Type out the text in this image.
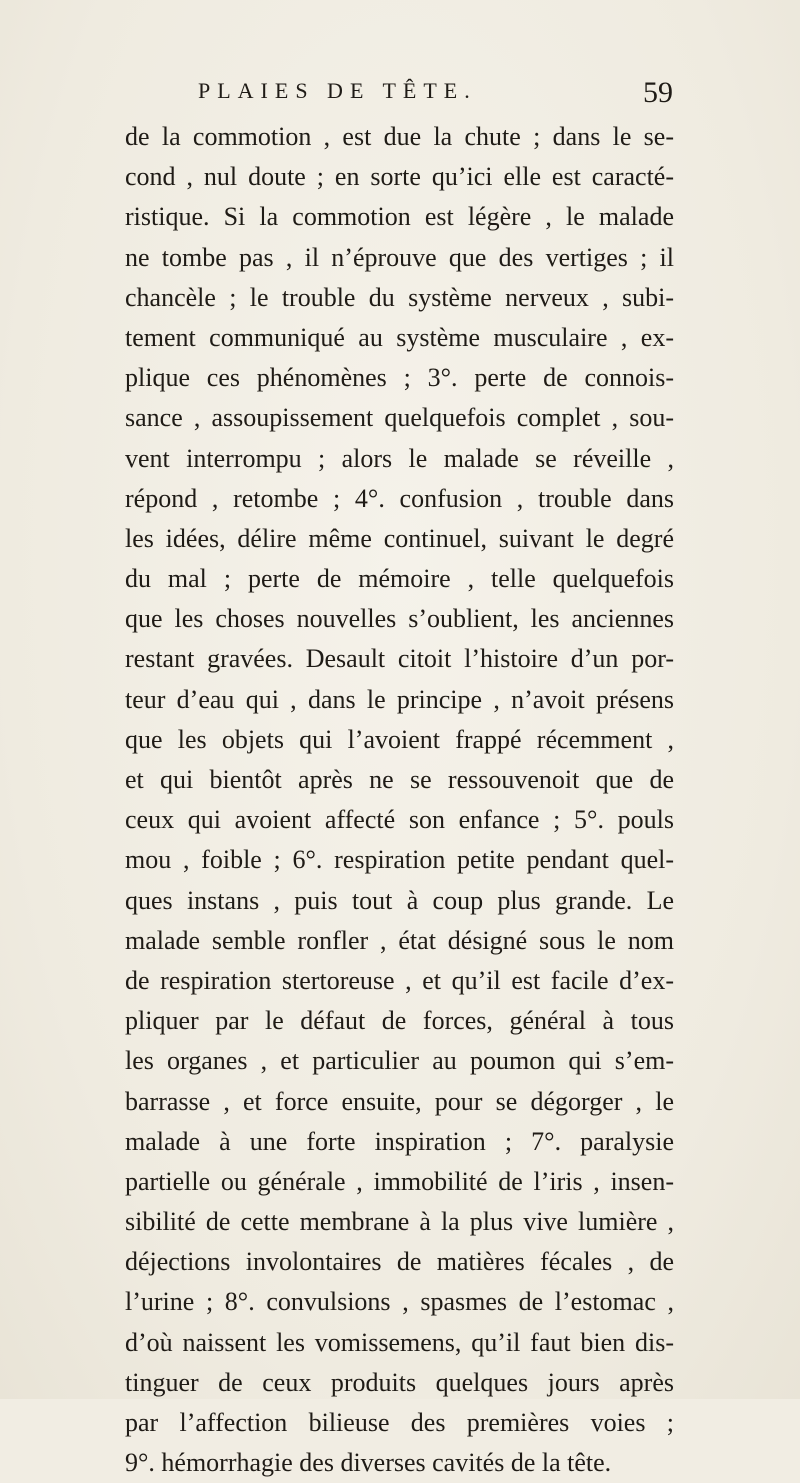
PLAIES DE TÊTE.	59
de la commotion , est due la chute ; dans le se-
cond , nul doute ; en sorte qu’ici elle est caracté-
ristique. Si la commotion est légère , le malade
ne tombe pas , il n’éprouve que des vertiges ; il
chancèle ; le trouble du système nerveux , subi-
tement communiqué au système musculaire , ex-
plique ces phénomènes ; 3°. perte de connois-
sance , assoupissement quelquefois complet , sou-
vent interrompu ; alors le malade se réveille ,
répond , retombe ; 4°. confusion , trouble dans
les idées, délire même continuel, suivant le degré
du mal ; perte de mémoire , telle quelquefois
que les choses nouvelles s’oublient, les anciennes
restant gravées. Desault citoit l’histoire d’un por-
teur d’eau qui , dans le principe , n’avoit présens
que les objets qui l’avoient frappé récemment ,
et qui bientôt après ne se ressouvenoit que de
ceux qui avoient affecté son enfance ; 5°. pouls
mou , foible ; 6°. respiration petite pendant quel-
ques instans , puis tout à coup plus grande. Le
malade semble ronfler , état désigné sous le nom
de respiration stertoreuse , et qu’il est facile d’ex-
pliquer par le défaut de forces, général à tous
les organes , et particulier au poumon qui s’em-
barrasse , et force ensuite, pour se dégorger , le
malade à une forte inspiration ; 7°. paralysie
partielle ou générale , immobilité de l’iris , insen-
sibilité de cette membrane à la plus vive lumière ,
déjections involontaires de matières fécales , de
l’urine ; 8°. convulsions , spasmes de l’estomac ,
d’où naissent les vomissemens, qu’il faut bien dis-
tinguer de ceux produits quelques jours après
par l’affection bilieuse des premières voies ;
9°. hémorrhagie des diverses cavités de la tête.
